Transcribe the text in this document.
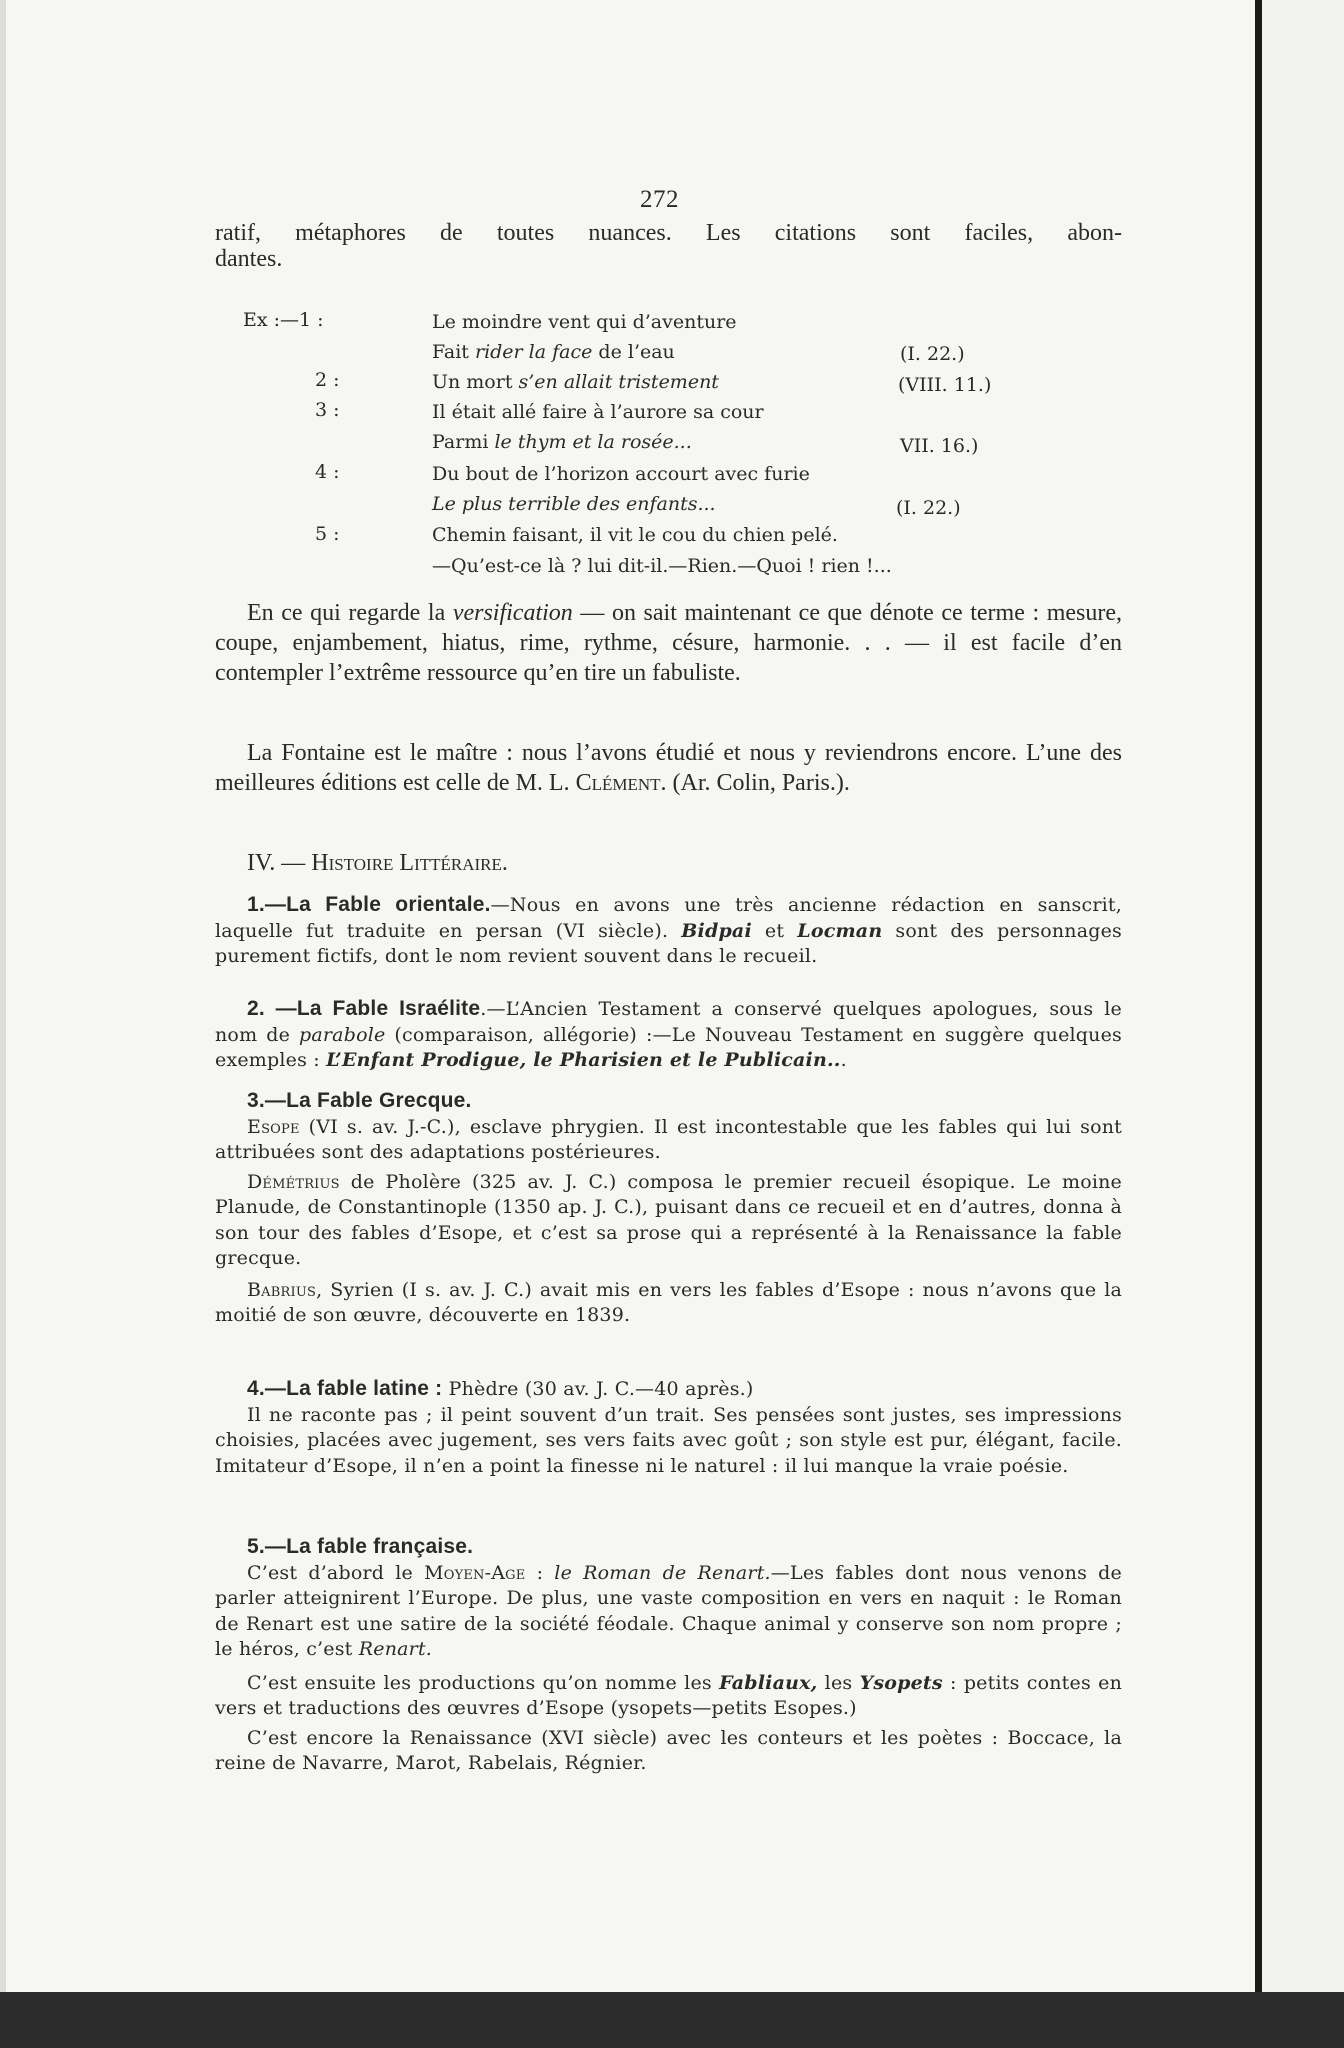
272

ratif, métaphores de toutes nuances. Les citations sont faciles, abon-

dantes.

Ex :—1 :	Le moindre vent qui d’aventure
Fait rider la face de l’eau	(I. 22.)
2 :	Un mort s’en allait tristement	(VIII. 11.)
3 :	Il était allé faire à l’aurore sa cour
Parmi le thym et la rosée...	VII. 16.)
4 :	Du bout de l’horizon accourt avec furie
Le plus terrible des enfants...	(I. 22.)
5 :	Chemin faisant, il vit le cou du chien pelé.
—Qu’est-ce là ? lui dit-il.—Rien.—Quoi ! rien !...

En ce qui regarde la versification — on sait maintenant ce que dénote ce terme : mesure, coupe, enjambement, hiatus, rime, rythme, césure, harmonie. . . — il est facile d’en contempler l’extrême ressource qu’en tire un fabuliste.

La Fontaine est le maître : nous l’avons étudié et nous y reviendrons encore. L’une des meilleures éditions est celle de M. L. Clément. (Ar. Colin, Paris.).

IV. — Histoire Littéraire.

1.—La Fable orientale.—Nous en avons une très ancienne rédaction en sanscrit, laquelle fut traduite en persan (VI siècle). Bidpai et Locman sont des personnages purement fictifs, dont le nom revient souvent dans le recueil.

2. —La Fable Israélite.—L’Ancien Testament a conservé quelques apologues, sous le nom de parabole (comparaison, allégorie) :—Le Nouveau Testament en suggère quelques exemples : L’Enfant Prodigue, le Pharisien et le Publicain...

3.—La Fable Grecque.

Esope (VI s. av. J.-C.), esclave phrygien. Il est incontestable que les fables qui lui sont attribuées sont des adaptations postérieures.

Démétrius de Pholère (325 av. J. C.) composa le premier recueil ésopique. Le moine Planude, de Constantinople (1350 ap. J. C.), puisant dans ce recueil et en d’autres, donna à son tour des fables d’Esope, et c’est sa prose qui a représenté à la Renaissance la fable grecque.

Babrius, Syrien (I s. av. J. C.) avait mis en vers les fables d’Esope : nous n’avons que la moitié de son œuvre, découverte en 1839.

4.—La fable latine : Phèdre (30 av. J. C.—40 après.)

Il ne raconte pas ; il peint souvent d’un trait. Ses pensées sont justes, ses impressions choisies, placées avec jugement, ses vers faits avec goût ; son style est pur, élégant, facile. Imitateur d’Esope, il n’en a point la finesse ni le naturel : il lui manque la vraie poésie.

5.—La fable française.

C’est d’abord le Moyen-Age : le Roman de Renart.—Les fables dont nous venons de parler atteignirent l’Europe. De plus, une vaste composition en vers en naquit : le Roman de Renart est une satire de la société féodale. Chaque animal y conserve son nom propre ; le héros, c’est Renart.

C’est ensuite les productions qu’on nomme les Fabliaux, les Ysopets : petits contes en vers et traductions des œuvres d’Esope (ysopets—petits Esopes.)

C’est encore la Renaissance (XVI siècle) avec les conteurs et les poètes : Boccace, la reine de Navarre, Marot, Rabelais, Régnier.
